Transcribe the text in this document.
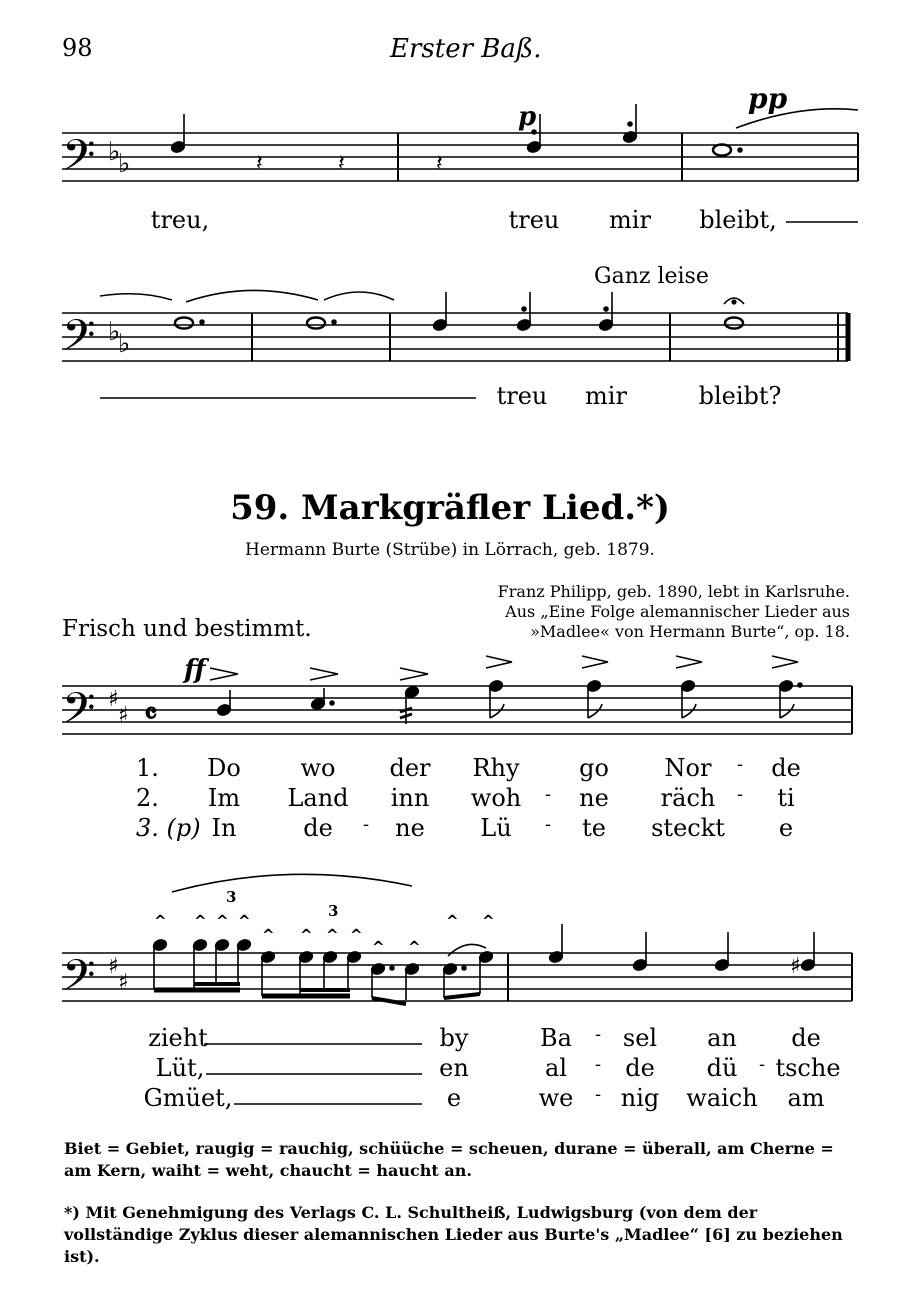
98	Erster Baß.
𝄢 ♭
♭
𝄢 ♭
♭
𝄢 ♯
♯ 𝄴
𝄢 ♯
♯
𝄽	𝄽	𝄽
ff
3
3
^ ^ ^ ^
^ ^ ^ ^
^ ^
^ ^
♯
p
pp
treu,	treu mir bleibt,
Ganz leise
treu mir	bleibt?
59. Markgräfler Lied.*)
Hermann Burte (Strübe) in Lörrach, geb. 1879.
Franz Philipp, geb. 1890, lebt in Karlsruhe.
Aus „Eine Folge alemannischer Lieder aus
»Madlee« von Hermann Burte“, op. 18.
Frisch und bestimmt.
1. Do wo der Rhy go Nor - de
2. Im Land inn woh - ne räch - ti
3. (p) In	de - ne Lü - te steckt e
zieht	by	Ba - sel an de
Lüt,	en	al - de dü - tsche
Gmüet,	e	we - nig waich am
Biet = Gebiet, raugig = rauchig, schüüche = scheuen, durane = überall, am Cherne = am Kern, waiht = weht, chaucht = haucht an.
*) Mit Genehmigung des Verlags C. L. Schultheiß, Ludwigsburg (von dem der vollständige Zyklus dieser alemannischen Lieder aus Burte's „Madlee“ [6] zu beziehen ist).
